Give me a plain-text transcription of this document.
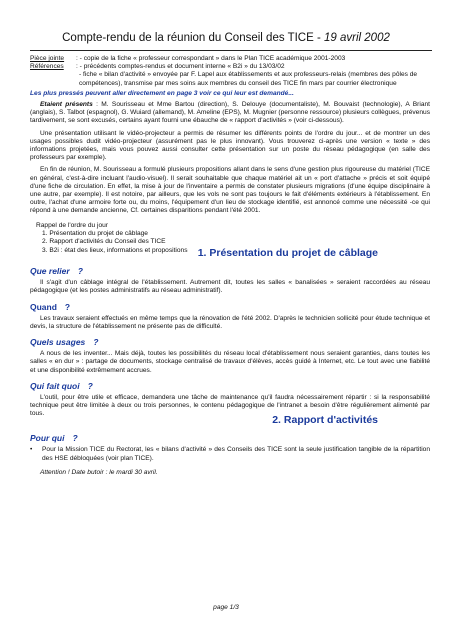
Compte-rendu de la réunion du Conseil des TICE - 19 avril 2002
Pièce jointe	: - copie de la fiche « professeur correspondant » dans le Plan TICE académique 2001-2003
Références	: - précédents comptes-rendus et document interne « B2i » du 13/03/02
	- fiche « bilan d'activité » envoyée par F. Lapel aux établissements et aux professeurs-relais (membres des pôles de compétences), transmise par mes soins aux membres du conseil des TICE fin mars par courrier électronique
Les plus pressés peuvent aller directement en page 3 voir ce qui leur est demandé...

Etaient présents : M. Sourisseau et Mme Bartou (direction), S. Delouye (documentaliste), M. Bouvaist (technologie), A Briant (anglais), S. Talbot (espagnol), G. Wuiard (allemand), M. Ameline (EPS), M. Mugnier (personne ressource) plusieurs collègues, prévenus tardivement, se sont excusés, certains ayant fourni une ébauche de « rapport d'activités » (voir ci-dessous).

Une présentation utilisant le vidéo-projecteur a permis de résumer les différents points de l'ordre du jour... et de montrer un des usages possibles dudit vidéo-projecteur (assurément pas le plus innovant). Vous trouverez ci-après une version « texte » des informations projetées, mais vous pouvez aussi consulter cette présentation sur un poste du réseau pédagogique (en salle des professeurs par exemple).

En fin de réunion, M. Sourisseau a formulé plusieurs propositions allant dans le sens d'une gestion plus rigoureuse du matériel (TICE en général, c'est-à-dire incluant l'audio-visuel). Il serait souhaitable que chaque matériel ait un « port d'attache » précis et soit équipé d'une fiche de circulation. En effet, la mise à jour de l'inventaire a permis de constater plusieurs migrations (d'une équipe disciplinaire à une autre, par exemple). Il est notoire, par ailleurs, que les vols ne sont pas toujours le fait d'éléments extérieurs à l'établissement. En outre, l'achat d'une armoire forte ou, du moins, l'équipement d'un lieu de stockage identifié, est annoncé comme une nécessité -ce qui répond à une demande ancienne, Cf. certaines disparitions pendant l'été 2001.

Rappel de l'ordre du jour
1. Présentation du projet de câblage
2. Rapport d'activités du Conseil des TICE
3. B2i : état des lieux, informations et propositions 1. Présentation du projet de câblage
Que relier ?

Il s'agit d'un câblage intégral de l'établissement. Autrement dit, toutes les salles « banalisées » seraient raccordées au réseau pédagogique (et les postes administratifs au réseau administratif).

Quand ?

Les travaux seraient effectués en même temps que la rénovation de l'été 2002. D'après le technicien sollicité pour étude technique et devis, la structure de l'établissement ne présente pas de difficulté.

Quels usages ?

A nous de les inventer... Mais déjà, toutes les possibilités du réseau local d'établissement nous seraient garanties, dans toutes les salles « en dur » : partage de documents, stockage centralisé de travaux d'élèves, accès guidé à Internet, etc. Le tout avec une fiabilité et une disponibilité extrêmement accrues.

Qui fait quoi ?

L'outil, pour être utile et efficace, demandera une tâche de maintenance qu'il faudra nécessairement répartir : si la responsabilité technique peut être limitée à deux ou trois personnes, le contenu pédagogique de l'intranet a besoin d'être régulièrement alimenté par tous.

2. Rapport d'activités
Pour qui ?
•	Pour la Mission TICE du Rectorat, les « bilans d'activité » des Conseils des TICE sont la seule justification tangible de la répartition des HSE débloquées (voir plan TICE).
Attention ! Date butoir : le mardi 30 avril.
page 1/3
